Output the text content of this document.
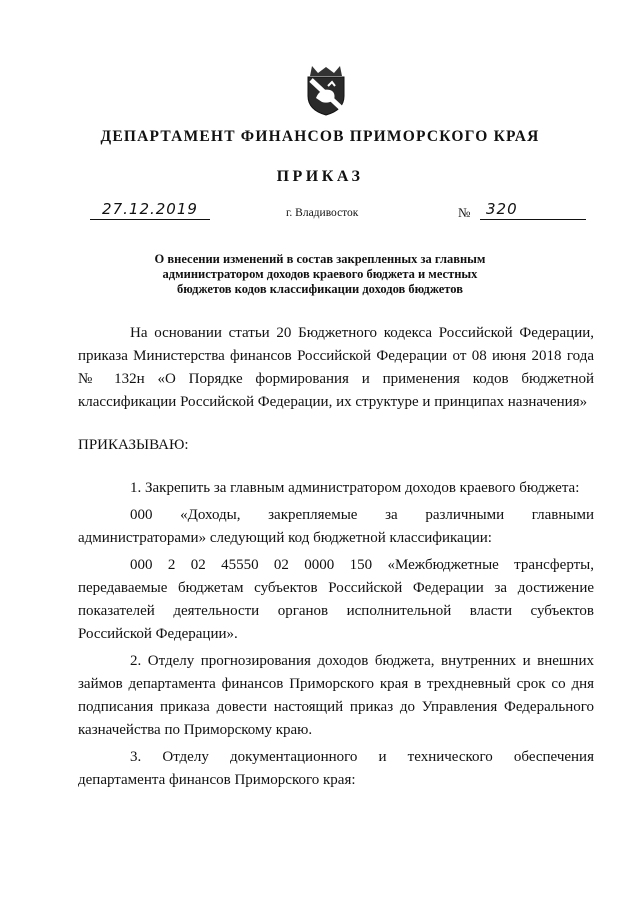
ДЕПАРТАМЕНТ ФИНАНСОВ ПРИМОРСКОГО КРАЯ
ПРИКАЗ
27.12.2019	г. Владивосток	№	320
О внесении изменений в состав закрепленных за главным
администратором доходов краевого бюджета и местных
бюджетов кодов классификации доходов бюджетов

На основании статьи 20 Бюджетного кодекса Российской Федерации, приказа Министерства финансов Российской Федерации от 08 июня 2018 года № 132н «О Порядке формирования и применения кодов бюджетной классификации Российской Федерации, их структуре и принципах назначения»

ПРИКАЗЫВАЮ:

1. Закрепить за главным администратором доходов краевого бюджета:

000 «Доходы, закрепляемые за различными главными администраторами» следующий код бюджетной классификации:

000 2 02 45550 02 0000 150 «Межбюджетные трансферты, передаваемые бюджетам субъектов Российской Федерации за достижение показателей деятельности органов исполнительной власти субъектов Российской Федерации».

2. Отделу прогнозирования доходов бюджета, внутренних и внешних займов департамента финансов Приморского края в трехдневный срок со дня подписания приказа довести настоящий приказ до Управления Федерального казначейства по Приморскому краю.

3. Отделу документационного и технического обеспечения департамента финансов Приморского края:
